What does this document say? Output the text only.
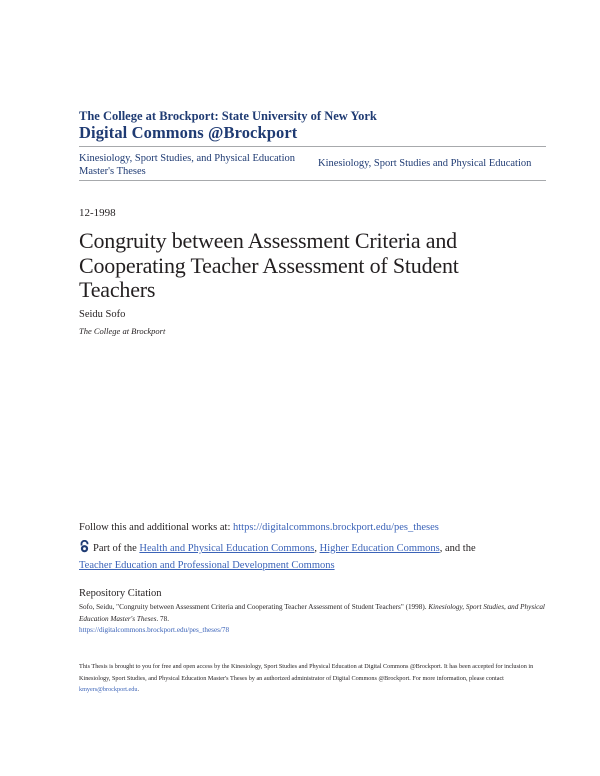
The College at Brockport: State University of New York
Digital Commons @Brockport
Kinesiology, Sport Studies, and Physical Education
Master's Theses
Kinesiology, Sport Studies and Physical Education
12-1998
Congruity between Assessment Criteria and Cooperating Teacher Assessment of Student Teachers
Seidu Sofo
The College at Brockport
Follow this and additional works at: https://digitalcommons.brockport.edu/pes_theses
Part of the Health and Physical Education Commons, Higher Education Commons, and the
Teacher Education and Professional Development Commons
Repository Citation
Sofo, Seidu, "Congruity between Assessment Criteria and Cooperating Teacher Assessment of Student Teachers" (1998). Kinesiology, Sport Studies, and Physical Education Master's Theses. 78.
https://digitalcommons.brockport.edu/pes_theses/78
This Thesis is brought to you for free and open access by the Kinesiology, Sport Studies and Physical Education at Digital Commons @Brockport. It has been accepted for inclusion in Kinesiology, Sport Studies, and Physical Education Master's Theses by an authorized administrator of Digital Commons @Brockport. For more information, please contact kmyers@brockport.edu.
